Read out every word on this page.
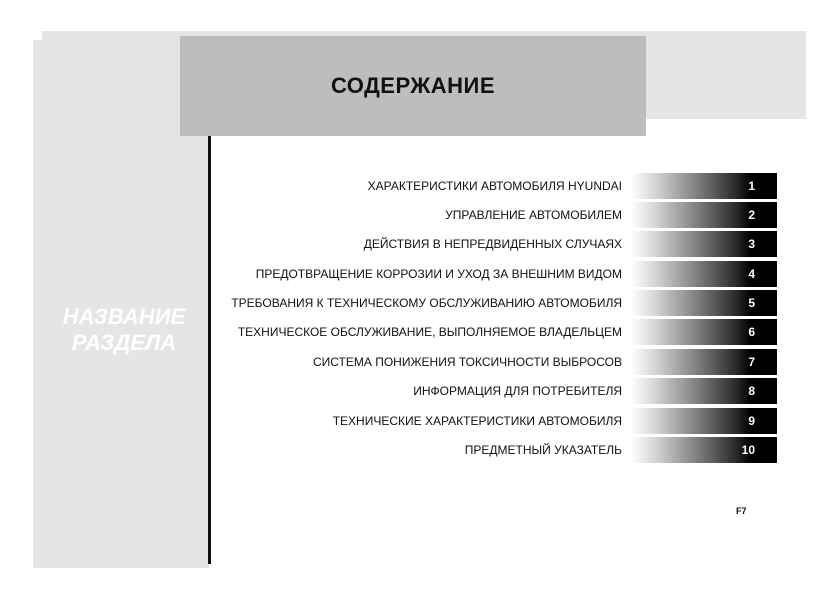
СОДЕРЖАНИЕ
НАЗВАНИЕ
РАЗДЕЛА
ХАРАКТЕРИСТИКИ АВТОМОБИЛЯ HYUNDAI	1
УПРАВЛЕНИЕ АВТОМОБИЛЕМ	2
ДЕЙСТВИЯ В НЕПРЕДВИДЕННЫХ СЛУЧАЯХ	3
ПРЕДОТВРАЩЕНИЕ КОРРОЗИИ И УХОД ЗА ВНЕШНИМ ВИДОМ	4
ТРЕБОВАНИЯ К ТЕХНИЧЕСКОМУ ОБСЛУЖИВАНИЮ АВТОМОБИЛЯ	5
ТЕХНИЧЕСКОЕ ОБСЛУЖИВАНИЕ, ВЫПОЛНЯЕМОЕ ВЛАДЕЛЬЦЕМ	6
СИСТЕМА ПОНИЖЕНИЯ ТОКСИЧНОСТИ ВЫБРОСОВ	7
ИНФОРМАЦИЯ ДЛЯ ПОТРЕБИТЕЛЯ	8
ТЕХНИЧЕСКИЕ ХАРАКТЕРИСТИКИ АВТОМОБИЛЯ	9
ПРЕДМЕТНЫЙ УКАЗАТЕЛЬ	10
F7
